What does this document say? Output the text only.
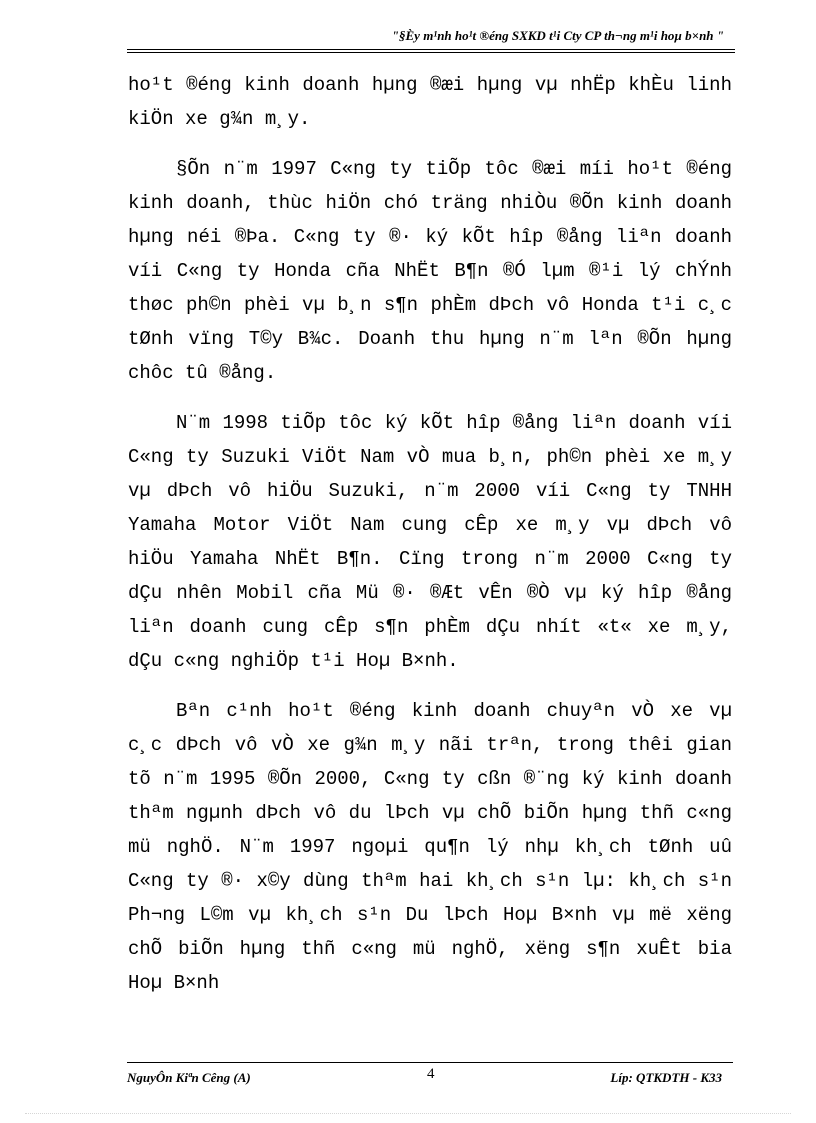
"§Èy m¹nh ho¹t ®éng SXKD t¹i Cty CP th¬ng m¹i hoµ b×nh "

ho¹t ®éng kinh doanh hµng ®æi hµng vµ nhËp khÈu linh kiÖn xe g¾n m¸y.

§Õn n¨m 1997 C«ng ty tiÕp tôc ®æi míi ho¹t ®éng kinh doanh, thùc hiÖn chó träng nhiÒu ®Õn kinh doanh hµng néi ®Þa. C«ng ty ®· ký kÕt hîp ®ång liªn doanh víi C«ng ty Honda cña NhËt B¶n ®Ó lµm ®¹i lý chÝnh thøc ph©n phèi vµ b¸n s¶n phÈm dÞch vô Honda t¹i c¸c tØnh vïng T©y B¾c. Doanh thu hµng n¨m lªn ®Õn hµng chôc tû ®ång.

N¨m 1998 tiÕp tôc ký kÕt hîp ®ång liªn doanh víi C«ng ty Suzuki ViÖt Nam vÒ mua b¸n, ph©n phèi xe m¸y vµ dÞch vô hiÖu Suzuki, n¨m 2000 víi C«ng ty TNHH Yamaha Motor ViÖt Nam cung cÊp xe m¸y vµ dÞch vô hiÖu Yamaha NhËt B¶n. Cïng trong n¨m 2000 C«ng ty dÇu nhên Mobil cña Mü ®· ®Æt vÊn ®Ò vµ ký hîp ®ång liªn doanh cung cÊp s¶n phÈm dÇu nhít «t« xe m¸y, dÇu c«ng nghiÖp t¹i Hoµ B×nh.

Bªn c¹nh ho¹t ®éng kinh doanh chuyªn vÒ xe vµ c¸c dÞch vô vÒ xe g¾n m¸y nãi trªn, trong thêi gian tõ n¨m 1995 ®Õn 2000, C«ng ty cßn ®¨ng ký kinh doanh thªm ngµnh dÞch vô du lÞch vµ chÕ biÕn hµng thñ c«ng mü nghÖ. N¨m 1997 ngoµi qu¶n lý nhµ kh¸ch tØnh uû C«ng ty ®· x©y dùng thªm hai kh¸ch s¹n lµ: kh¸ch s¹n Ph¬ng L©m vµ kh¸ch s¹n Du lÞch Hoµ B×nh vµ më xëng chÕ biÕn hµng thñ c«ng mü nghÖ, xëng s¶n xuÊt bia Hoµ B×nh

NguyÔn Kiªn Cêng (A)	4	Líp: QTKDTH - K33
